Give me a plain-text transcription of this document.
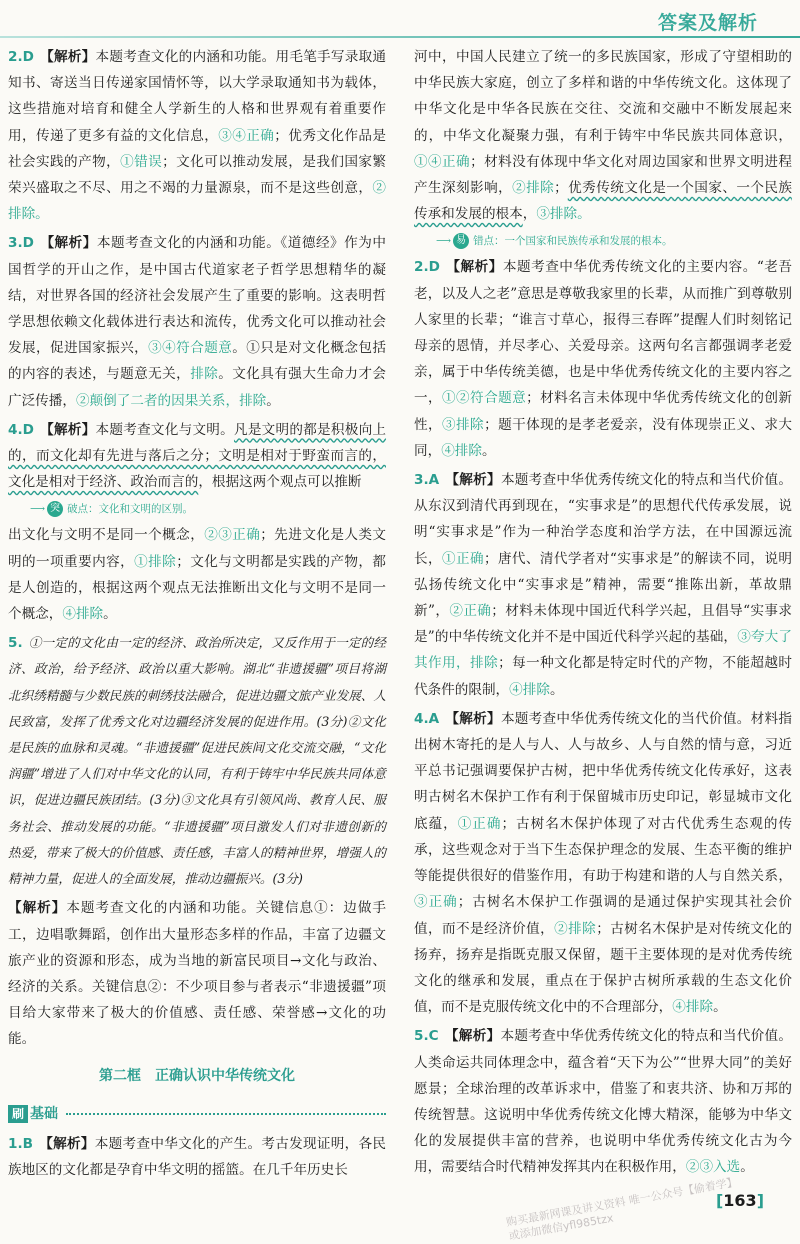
答案及解析
2.D 【解析】本题考查文化的内涵和功能。用毛笔手写录取通知书、寄送当日传递家国情怀等，以大学录取通知书为载体，这些措施对培育和健全人学新生的人格和世界观有着重要作用，传递了更多有益的文化信息，③④正确；优秀文化作品是社会实践的产物，①错误；文化可以推动发展，是我们国家繁荣兴盛取之不尽、用之不竭的力量源泉，而不是这些创意，②排除。
3.D 【解析】本题考查文化的内涵和功能。《道德经》作为中国哲学的开山之作，是中国古代道家老子哲学思想精华的凝结，对世界各国的经济社会发展产生了重要的影响。这表明哲学思想依赖文化载体进行表达和流传，优秀文化可以推动社会发展，促进国家振兴，③④符合题意。①只是对文化概念包括的内容的表述，与题意无关，排除。文化具有强大生命力才会广泛传播，②颠倒了二者的因果关系，排除。
4.D 【解析】本题考查文化与文明。凡是文明的都是积极向上的，而文化却有先进与落后之分；文明是相对于野蛮而言的，文化是相对于经济、政治而言的，根据这两个观点可以推断
⟶ 突 破点：文化和文明的区别。
出文化与文明不是同一个概念，②③正确；先进文化是人类文明的一项重要内容，①排除；文化与文明都是实践的产物，都是人创造的，根据这两个观点无法推断出文化与文明不是同一个概念，④排除。
5. ①一定的文化由一定的经济、政治所决定，又反作用于一定的经济、政治，给予经济、政治以重大影响。湖北“非遗援疆”项目将湖北织绣精髓与少数民族的刺绣技法融合，促进边疆文旅产业发展、人民致富，发挥了优秀文化对边疆经济发展的促进作用。(3分)②文化是民族的血脉和灵魂。“非遗援疆”促进民族间文化交流交融，“文化润疆”增进了人们对中华文化的认同，有利于铸牢中华民族共同体意识，促进边疆民族团结。(3分)③文化具有引领风尚、教育人民、服务社会、推动发展的功能。“非遗援疆”项目激发人们对非遗创新的热爱，带来了极大的价值感、责任感，丰富人的精神世界，增强人的精神力量，促进人的全面发展，推动边疆振兴。(3分)
【解析】本题考查文化的内涵和功能。关键信息①：边做手工，边唱歌舞蹈，创作出大量形态多样的作品，丰富了边疆文旅产业的资源和形态，成为当地的新富民项目→文化与政治、经济的关系。关键信息②：不少项目参与者表示“非遗援疆”项目给大家带来了极大的价值感、责任感、荣誉感→文化的功能。
第二框　正确认识中华传统文化
刷 基础
1.B 【解析】本题考查中华文化的产生。考古发现证明，各民族地区的文化都是孕育中华文明的摇篮。在几千年历史长
河中，中国人民建立了统一的多民族国家，形成了守望相助的中华民族大家庭，创立了多样和谐的中华传统文化。这体现了中华文化是中华各民族在交往、交流和交融中不断发展起来的，中华文化凝聚力强，有利于铸牢中华民族共同体意识，①④正确；材料没有体现中华文化对周边国家和世界文明进程产生深刻影响，②排除；优秀传统文化是一个国家、一个民族传承和发展的根本，③排除。
⟶ 易 错点：一个国家和民族传承和发展的根本。
2.D 【解析】本题考查中华优秀传统文化的主要内容。“老吾老，以及人之老”意思是尊敬我家里的长辈，从而推广到尊敬别人家里的长辈；“谁言寸草心，报得三春晖”提醒人们时刻铭记母亲的恩情，并尽孝心、关爱母亲。这两句名言都强调孝老爱亲，属于中华传统美德，也是中华优秀传统文化的主要内容之一，①②符合题意；材料名言未体现中华优秀传统文化的创新性，③排除；题干体现的是孝老爱亲，没有体现崇正义、求大同，④排除。
3.A 【解析】本题考查中华优秀传统文化的特点和当代价值。从东汉到清代再到现在，“实事求是”的思想代代传承发展，说明“实事求是”作为一种治学态度和治学方法，在中国源远流长，①正确；唐代、清代学者对“实事求是”的解读不同，说明弘扬传统文化中“实事求是”精神，需要“推陈出新，革故鼎新”，②正确；材料未体现中国近代科学兴起，且倡导“实事求是”的中华传统文化并不是中国近代科学兴起的基础，③夸大了其作用，排除；每一种文化都是特定时代的产物，不能超越时代条件的限制，④排除。
4.A 【解析】本题考查中华优秀传统文化的当代价值。材料指出树木寄托的是人与人、人与故乡、人与自然的情与意，习近平总书记强调要保护古树，把中华优秀传统文化传承好，这表明古树名木保护工作有利于保留城市历史印记，彰显城市文化底蕴，①正确；古树名木保护体现了对古代优秀生态观的传承，这些观念对于当下生态保护理念的发展、生态平衡的维护等能提供很好的借鉴作用，有助于构建和谐的人与自然关系，③正确；古树名木保护工作强调的是通过保护实现其社会价值，而不是经济价值，②排除；古树名木保护是对传统文化的扬弃，扬弃是指既克服又保留，题干主要体现的是对优秀传统文化的继承和发展，重点在于保护古树所承载的生态文化价值，而不是克服传统文化中的不合理部分，④排除。
5.C 【解析】本题考查中华优秀传统文化的特点和当代价值。人类命运共同体理念中，蕴含着“天下为公”“世界大同”的美好愿景；全球治理的改革诉求中，借鉴了和衷共济、协和万邦的传统智慧。这说明中华优秀传统文化博大精深，能够为中华文化的发展提供丰富的营养，也说明中华优秀传统文化古为今用，需要结合时代精神发挥其内在积极作用，②③入选。
购买最新网课及讲义资料 唯一公众号【偷着学】或添加微信yfl985tzx
[ 163 ]
